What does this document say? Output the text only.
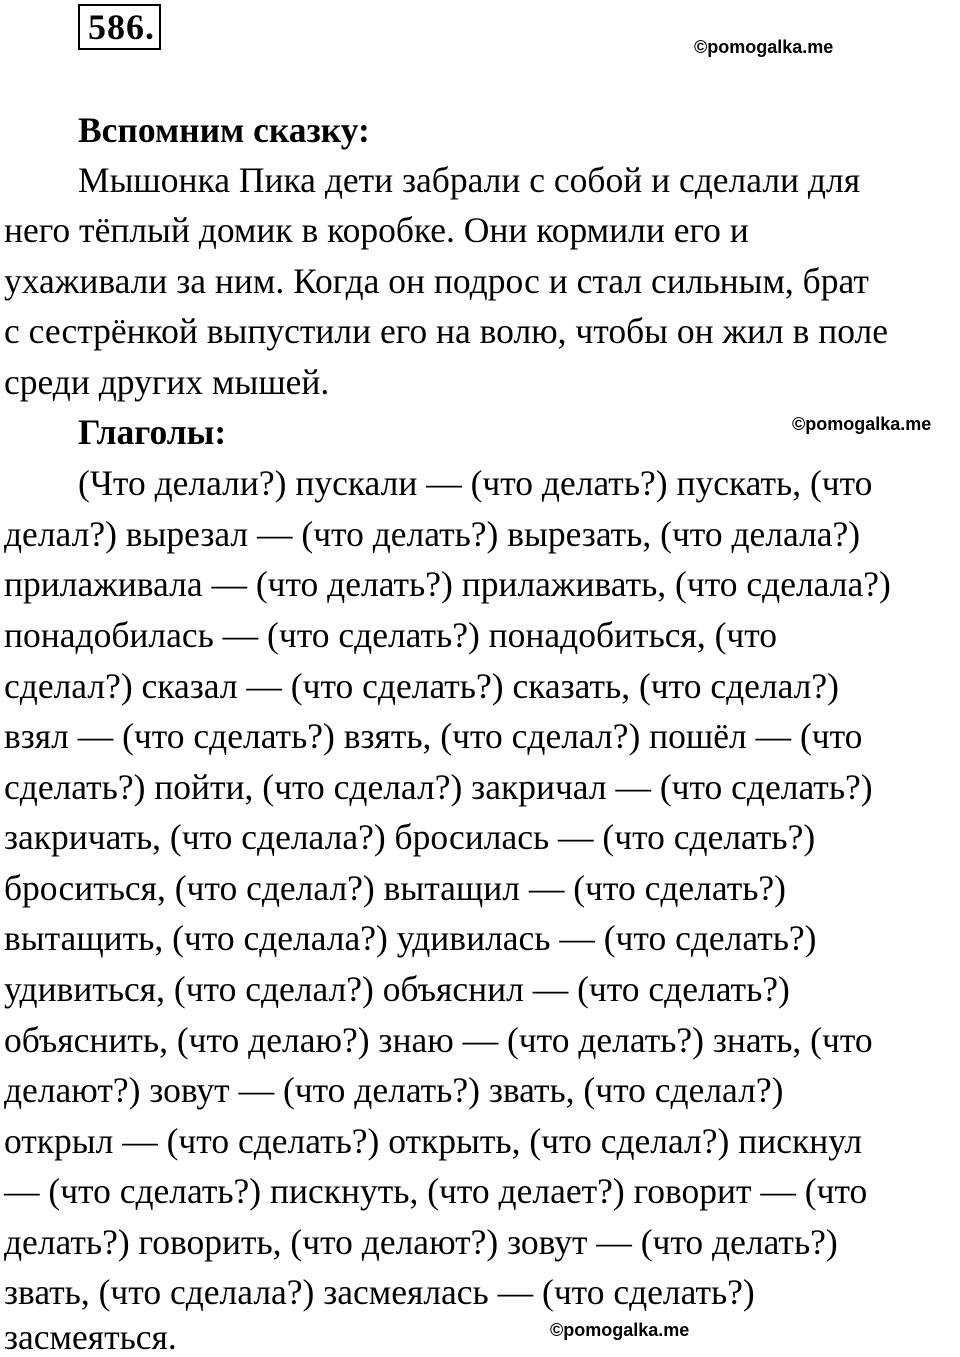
586.	©pomogalka.me
©pomogalka.me
©pomogalka.me
Вспомним сказку:
Мышонка Пика дети забрали с собой и сделали для
него тёплый домик в коробке. Они кормили его и
ухаживали за ним. Когда он подрос и стал сильным, брат
с сестрёнкой выпустили его на волю, чтобы он жил в поле
среди других мышей.
Глаголы:
(Что делали?) пускали — (что делать?) пускать, (что
делал?) вырезал — (что делать?) вырезать, (что делала?)
прилаживала — (что делать?) прилаживать, (что сделала?)
понадобилась — (что сделать?) понадобиться, (что
сделал?) сказал — (что сделать?) сказать, (что сделал?)
взял — (что сделать?) взять, (что сделал?) пошёл — (что
сделать?) пойти, (что сделал?) закричал — (что сделать?)
закричать, (что сделала?) бросилась — (что сделать?)
броситься, (что сделал?) вытащил — (что сделать?)
вытащить, (что сделала?) удивилась — (что сделать?)
удивиться, (что сделал?) объяснил — (что сделать?)
объяснить, (что делаю?) знаю — (что делать?) знать, (что
делают?) зовут — (что делать?) звать, (что сделал?)
открыл — (что сделать?) открыть, (что сделал?) пискнул
— (что сделать?) пискнуть, (что делает?) говорит — (что
делать?) говорить, (что делают?) зовут — (что делать?)
звать, (что сделала?) засмеялась — (что сделать?)
засмеяться.
